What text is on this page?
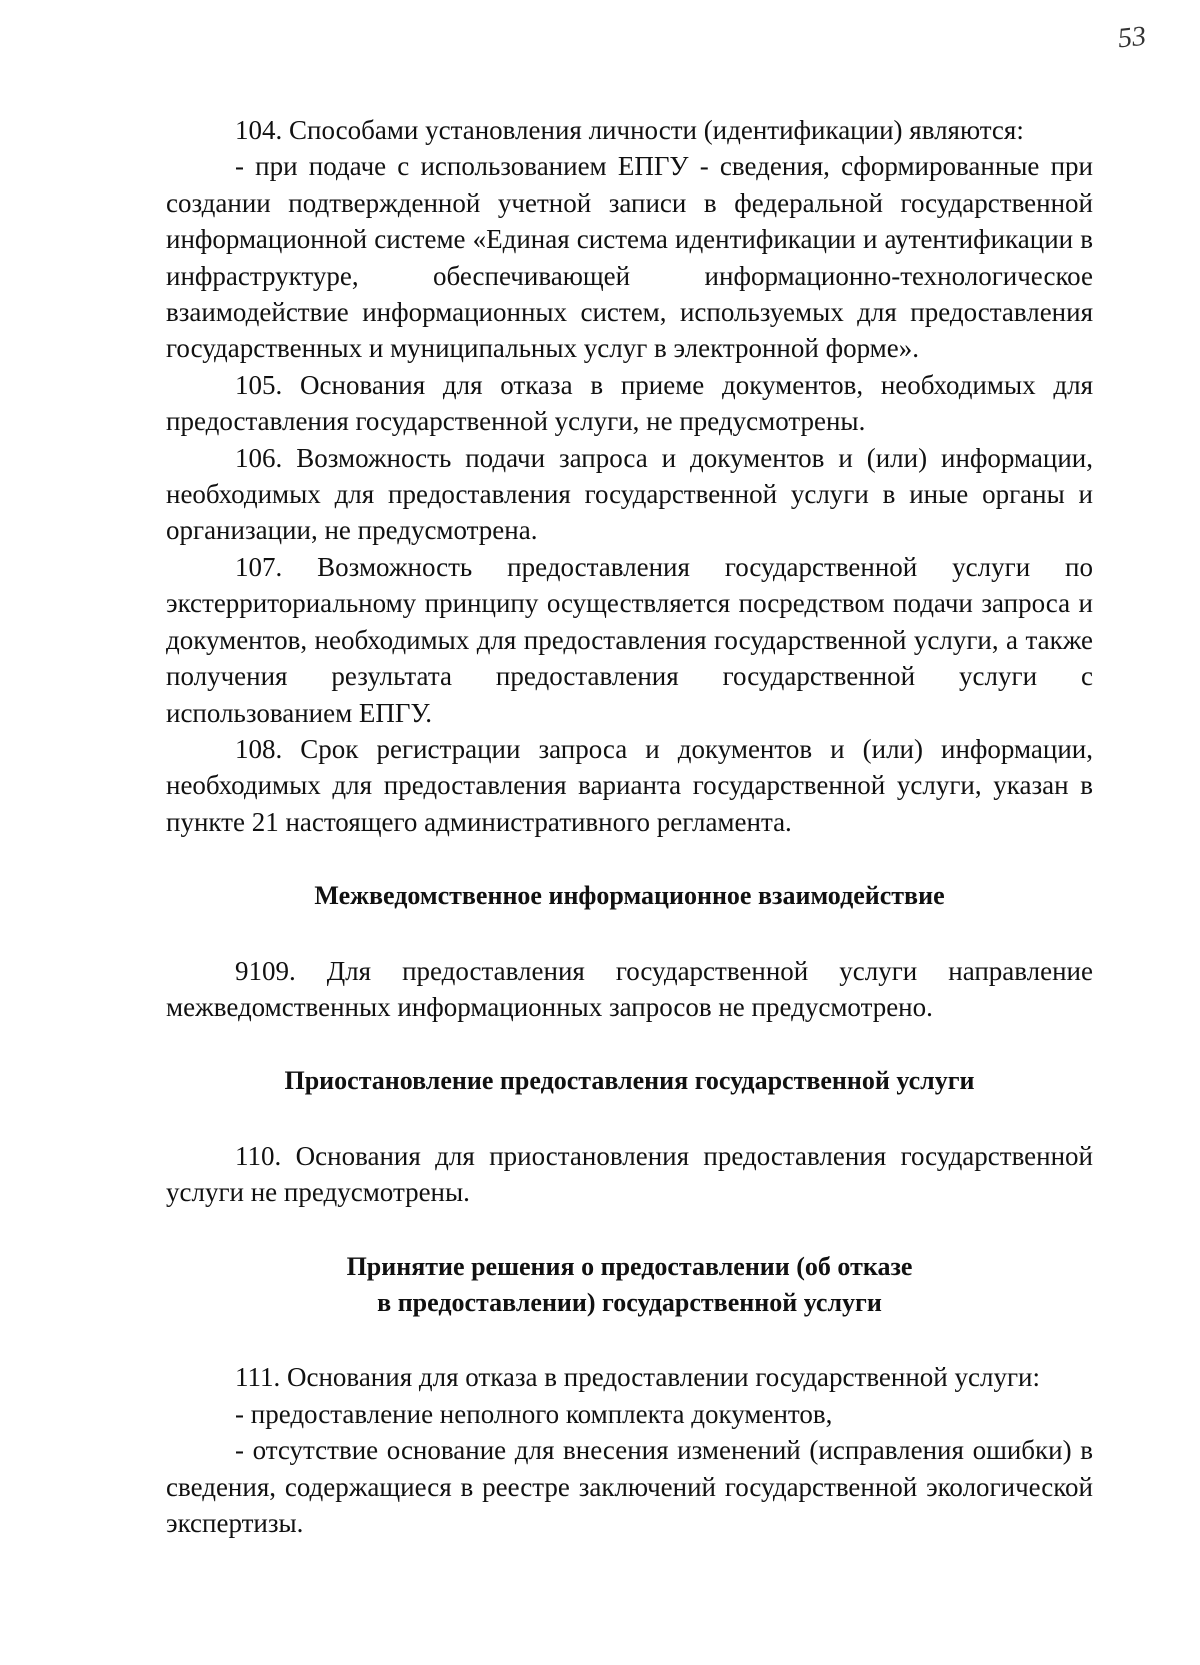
53

104. Способами установления личности (идентификации) являются:

- при подаче с использованием ЕПГУ - сведения, сформированные при создании подтвержденной учетной записи в федеральной государственной информационной системе «Единая система идентификации и аутентификации в инфраструктуре, обеспечивающей информационно-технологическое взаимодействие информационных систем, используемых для предоставления государственных и муниципальных услуг в электронной форме».

105. Основания для отказа в приеме документов, необходимых для предоставления государственной услуги, не предусмотрены.

106. Возможность подачи запроса и документов и (или) информации, необходимых для предоставления государственной услуги в иные органы и организации, не предусмотрена.

107. Возможность предоставления государственной услуги по экстерриториальному принципу осуществляется посредством подачи запроса и документов, необходимых для предоставления государственной услуги, а также получения результата предоставления государственной услуги с использованием ЕПГУ.

108. Срок регистрации запроса и документов и (или) информации, необходимых для предоставления варианта государственной услуги, указан в пункте 21 настоящего административного регламента.

Межведомственное информационное взаимодействие

9109. Для предоставления государственной услуги направление межведомственных информационных запросов не предусмотрено.

Приостановление предоставления государственной услуги

110. Основания для приостановления предоставления государственной услуги не предусмотрены.

Принятие решения о предоставлении (об отказе
в предоставлении) государственной услуги

111. Основания для отказа в предоставлении государственной услуги:

- предоставление неполного комплекта документов,

- отсутствие основание для внесения изменений (исправления ошибки) в сведения, содержащиеся в реестре заключений государственной экологической экспертизы.
